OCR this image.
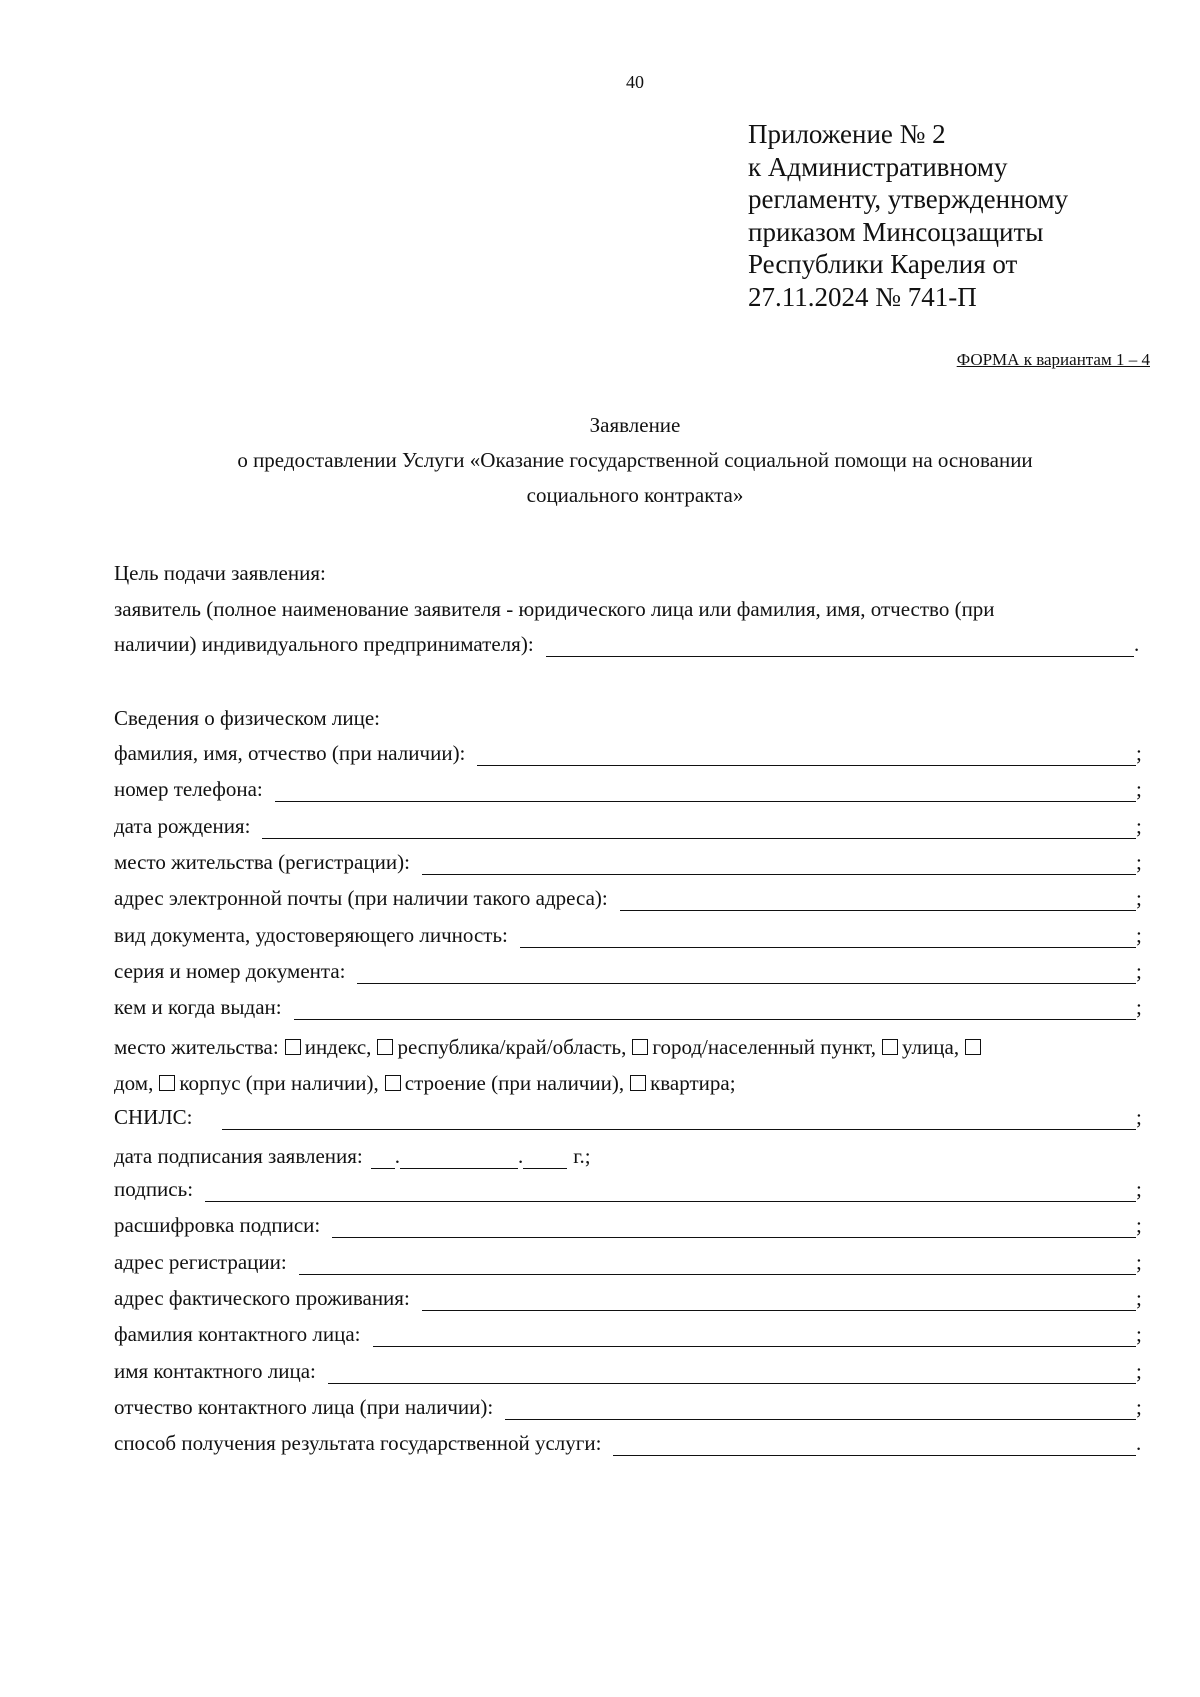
40
Приложение № 2
к Административному
регламенту, утвержденному
приказом Минсоцзащиты
Республики Карелия от
27.11.2024 № 741-П
ФОРМА к вариантам 1 – 4
Заявление
о предоставлении Услуги «Оказание государственной социальной помощи на основании
социального контракта»
Цель подачи заявления:
заявитель (полное наименование заявителя - юридического лица или фамилия, имя, отчество (при
наличии) индивидуального предпринимателя):	.
Сведения о физическом лице:
фамилия, имя, отчество (при наличии):	;
номер телефона:	;
дата рождения:	;
место жительства (регистрации):	;
адрес электронной почты (при наличии такого адреса):	;
вид документа, удостоверяющего личность:	;
серия и номер документа:	;
кем и когда выдан:	;
место жительства: индекс, республика/край/область, город/населенный пункт, улица,
дом, корпус (при наличии), строение (при наличии), квартира;
СНИЛС:	;
дата подписания заявления: .	. г.;
подпись:	;
расшифровка подписи:	;
адрес регистрации:	;
адрес фактического проживания:	;
фамилия контактного лица:	;
имя контактного лица:	;
отчество контактного лица (при наличии):	;
способ получения результата государственной услуги:	.
